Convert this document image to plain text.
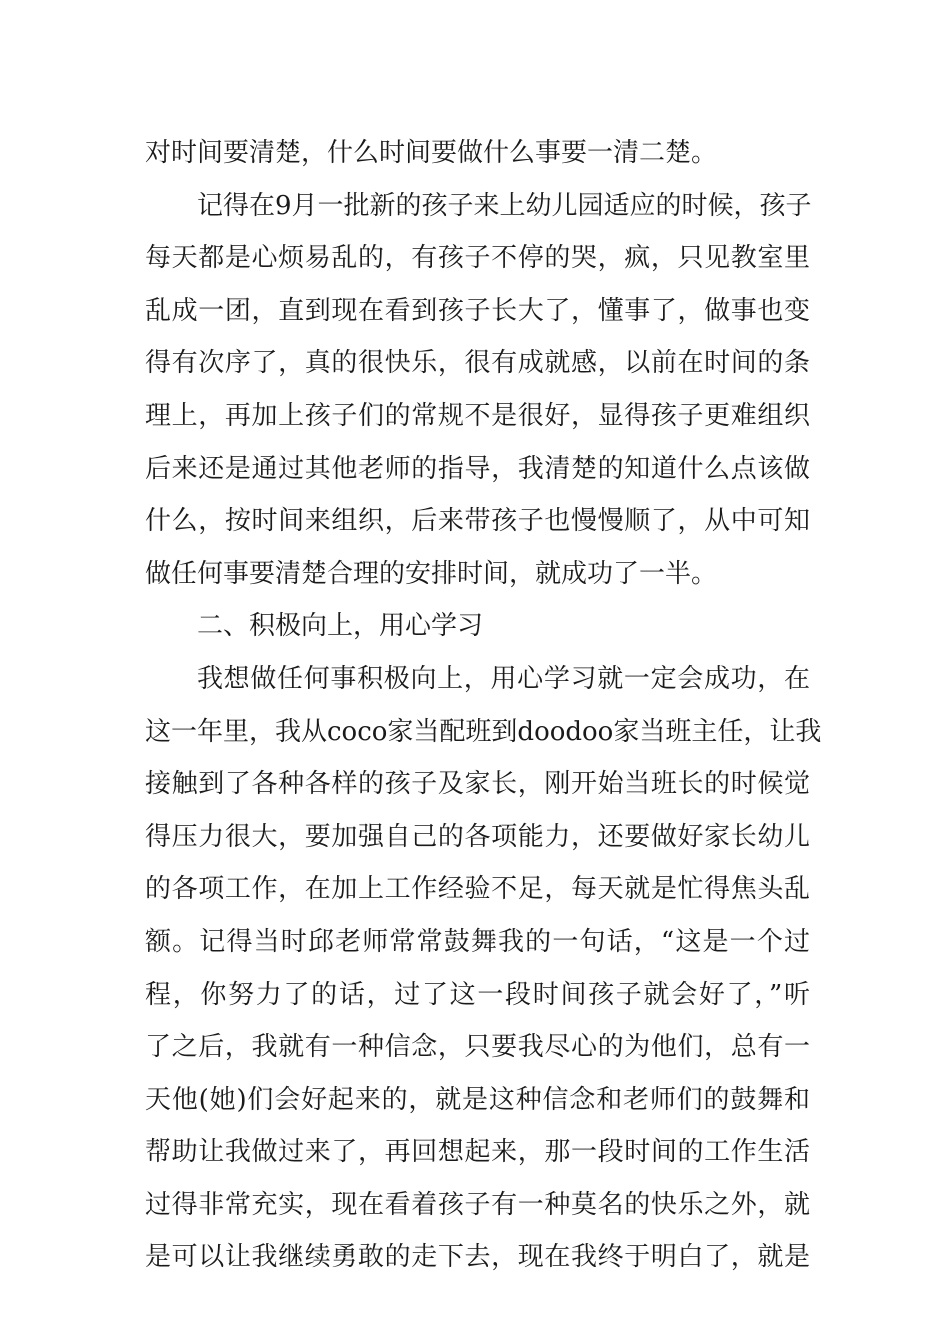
对时间要清楚，什么时间要做什么事要一清二楚。
记得在9月一批新的孩子来上幼儿园适应的时候，孩子
每天都是心烦易乱的，有孩子不停的哭，疯，只见教室里
乱成一团，直到现在看到孩子长大了，懂事了，做事也变
得有次序了，真的很快乐，很有成就感，以前在时间的条
理上，再加上孩子们的常规不是很好，显得孩子更难组织
后来还是通过其他老师的指导，我清楚的知道什么点该做
什么，按时间来组织，后来带孩子也慢慢顺了，从中可知
做任何事要清楚合理的安排时间，就成功了一半。
二、积极向上，用心学习
我想做任何事积极向上，用心学习就一定会成功，在
这一年里，我从coco家当配班到doodoo家当班主任，让我
接触到了各种各样的孩子及家长，刚开始当班长的时候觉
得压力很大，要加强自己的各项能力，还要做好家长幼儿
的各项工作，在加上工作经验不足，每天就是忙得焦头乱
额。记得当时邱老师常常鼓舞我的一句话，“这是一个过
程，你努力了的话，过了这一段时间孩子就会好了，”听
了之后，我就有一种信念，只要我尽心的为他们，总有一
天他(她)们会好起来的，就是这种信念和老师们的鼓舞和
帮助让我做过来了，再回想起来，那一段时间的工作生活
过得非常充实，现在看着孩子有一种莫名的快乐之外，就
是可以让我继续勇敢的走下去，现在我终于明白了，就是
